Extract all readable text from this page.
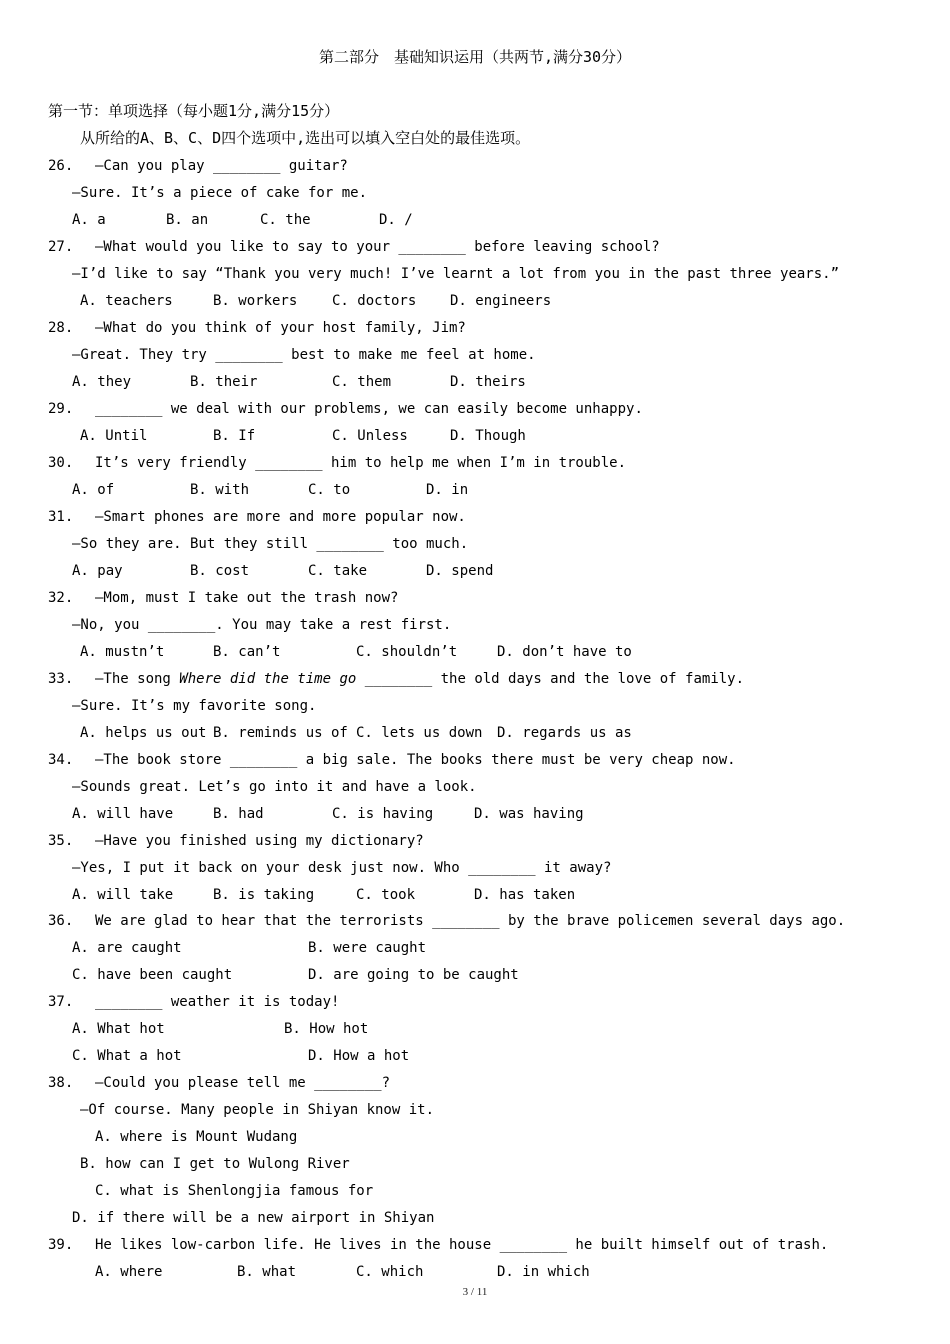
第二部分　基础知识运用（共两节,满分30分）
第一节：单项选择（每小题1分,满分15分）
从所给的A、B、C、D四个选项中,选出可以填入空白处的最佳选项。
26. —Can you play ________ guitar?
—Sure. It’s a piece of cake for me.
A. a	B. an	C. the	D. /
27. —What would you like to say to your ________ before leaving school?
—I’d like to say “Thank you very much! I’ve learnt a lot from you in the past three years.”
A. teachers	B. workers C. doctors D. engineers
28. —What do you think of your host family, Jim?
—Great. They try ________ best to make me feel at home.
A. they	B. their	C. them	D. theirs
29. ________ we deal with our problems, we can easily become unhappy.
A. Until	B. If	C. Unless	D. Though
30. It’s very friendly ________ him to help me when I’m in trouble.
A. of	B. with	C. to	D. in
31. —Smart phones are more and more popular now.
—So they are. But they still ________ too much.
A. pay	B. cost	C. take	D. spend
32. —Mom, must I take out the trash now?
—No, you ________. You may take a rest first.
A. mustn’t	B. can’t	C. shouldn’t	D. don’t have to
33. —The song Where did the time go ________ the old days and the love of family.
—Sure. It’s my favorite song.
A. helps us out B. reminds us of C. lets us down D. regards us as
34. —The book store ________ a big sale. The books there must be very cheap now.
—Sounds great. Let’s go into it and have a look.
A. will have	B. had	C. is having	D. was having
35. —Have you finished using my dictionary?
—Yes, I put it back on your desk just now. Who ________ it away?
A. will take	B. is taking	C. took	D. has taken
36. We are glad to hear that the terrorists ________ by the brave policemen several days ago.
A. are caught	B. were caught
C. have been caught	D. are going to be caught
37. ________ weather it is today!
A. What hot	B. How hot
C. What a hot	D. How a hot
38. —Could you please tell me ________?
—Of course. Many people in Shiyan know it.
A. where is Mount Wudang
B. how can I get to Wulong River
C. what is Shenlongjia famous for
D. if there will be a new airport in Shiyan
39. He likes low-carbon life. He lives in the house ________ he built himself out of trash.
A. where	B. what	C. which	D. in which
3 / 11
